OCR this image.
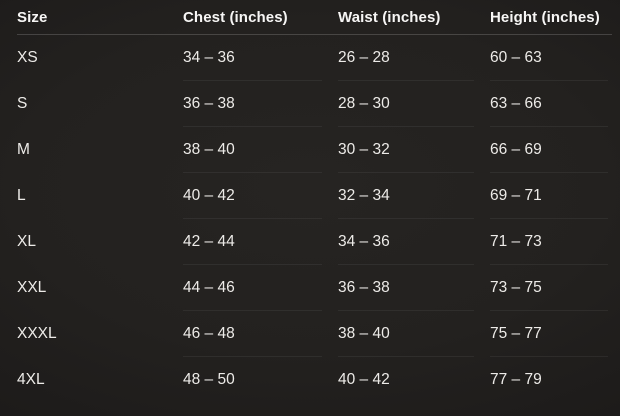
Size	Chest (inches)	Waist (inches)	Height (inches)
XS	34 – 36	26 – 28	60 – 63
S	36 – 38	28 – 30	63 – 66
M	38 – 40	30 – 32	66 – 69
L	40 – 42	32 – 34	69 – 71
XL	42 – 44	34 – 36	71 – 73
XXL	44 – 46	36 – 38	73 – 75
XXXL	46 – 48	38 – 40	75 – 77
4XL	48 – 50	40 – 42	77 – 79
